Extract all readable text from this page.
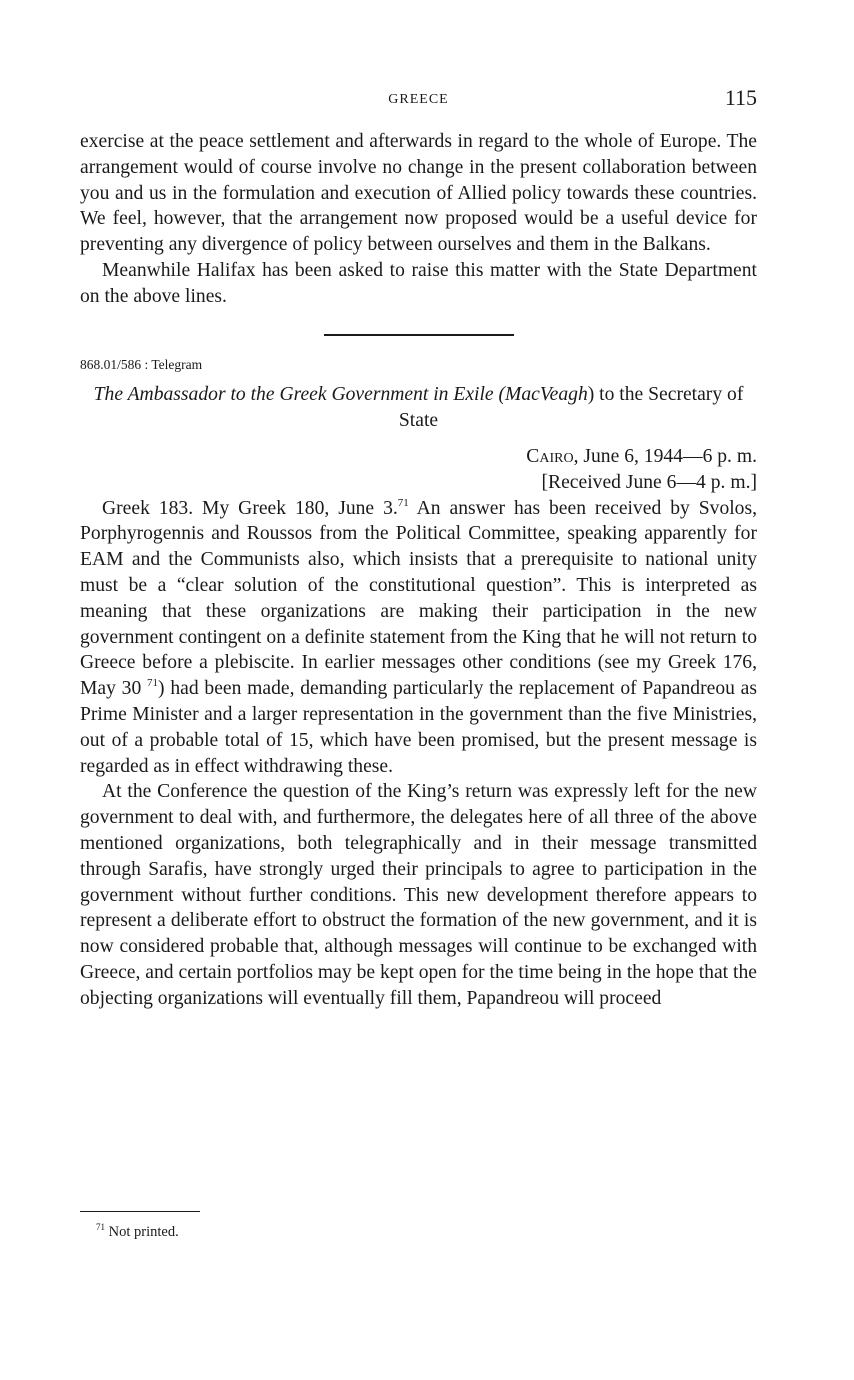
GREECE	115

exercise at the peace settlement and afterwards in regard to the whole of Europe. The arrangement would of course involve no change in the present collaboration between you and us in the formulation and execution of Allied policy towards these countries. We feel, however, that the arrangement now proposed would be a useful device for preventing any divergence of policy between ourselves and them in the Balkans.

Meanwhile Halifax has been asked to raise this matter with the State Department on the above lines.

868.01/586 : Telegram
The Ambassador to the Greek Government in Exile (MacVeagh) to the Secretary of State
Cairo, June 6, 1944—6 p. m.
[Received June 6—4 p. m.]

Greek 183. My Greek 180, June 3.71 An answer has been received by Svolos, Porphyrogennis and Roussos from the Political Committee, speaking apparently for EAM and the Communists also, which insists that a prerequisite to national unity must be a “clear solution of the constitutional question”. This is interpreted as meaning that these organizations are making their participation in the new government contingent on a definite statement from the King that he will not return to Greece before a plebiscite. In earlier messages other conditions (see my Greek 176, May 30 $^{71}$) had been made, demanding particularly the replacement of Papandreou as Prime Minister and a larger representation in the government than the five Ministries, out of a probable total of 15, which have been promised, but the present message is regarded as in effect withdrawing these.

At the Conference the question of the King’s return was expressly left for the new government to deal with, and furthermore, the delegates here of all three of the above mentioned organizations, both telegraphically and in their message transmitted through Sarafis, have strongly urged their principals to agree to participation in the government without further conditions. This new development therefore appears to represent a deliberate effort to obstruct the formation of the new government, and it is now considered probable that, although messages will continue to be exchanged with Greece, and certain portfolios may be kept open for the time being in the hope that the objecting organizations will eventually fill them, Papandreou will proceed

$^{71}$ Not printed.
